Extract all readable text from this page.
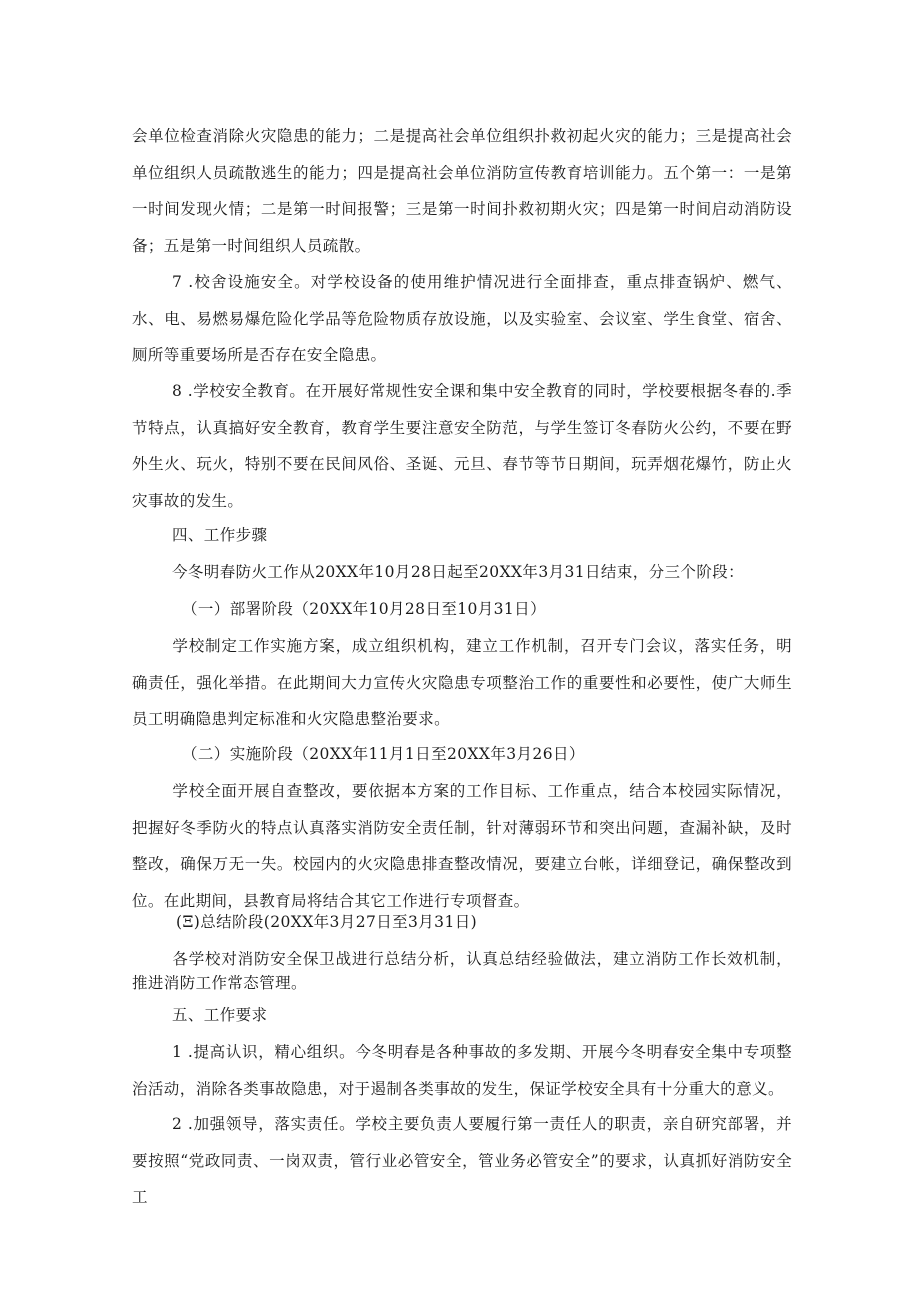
会单位检查消除火灾隐患的能力；二是提高社会单位组织扑救初起火灾的能力；三是提高社会单位组织人员疏散逃生的能力；四是提高社会单位消防宣传教育培训能力。五个第一：一是第一时间发现火情；二是第一时间报警；三是第一时间扑救初期火灾；四是第一时间启动消防设备；五是第一时间组织人员疏散。

7 .校舍设施安全。对学校设备的使用维护情况进行全面排查，重点排查锅炉、燃气、水、电、易燃易爆危险化学品等危险物质存放设施，以及实验室、会议室、学生食堂、宿舍、厕所等重要场所是否存在安全隐患。

8 .学校安全教育。在开展好常规性安全课和集中安全教育的同时，学校要根据冬春的.季节特点，认真搞好安全教育，教育学生要注意安全防范，与学生签订冬春防火公约，不要在野外生火、玩火，特别不要在民间风俗、圣诞、元旦、春节等节日期间，玩弄烟花爆竹，防止火灾事故的发生。

四、工作步骤

今冬明春防火工作从20XX年10月28日起至20XX年3月31日结束，分三个阶段：

（一）部署阶段（20XX年10月28日至10月31日）

学校制定工作实施方案，成立组织机构，建立工作机制，召开专门会议，落实任务，明确责任，强化举措。在此期间大力宣传火灾隐患专项整治工作的重要性和必要性，使广大师生员工明确隐患判定标准和火灾隐患整治要求。

（二）实施阶段（20XX年11月1日至20XX年3月26日）

学校全面开展自查整改，要依据本方案的工作目标、工作重点，结合本校园实际情况，把握好冬季防火的特点认真落实消防安全责任制，针对薄弱环节和突出问题，查漏补缺，及时整改，确保万无一失。校园内的火灾隐患排查整改情况，要建立台帐，详细登记，确保整改到位。在此期间，县教育局将结合其它工作进行专项督查。

(Ξ)总结阶段(20XX年3月27日至3月31日)

各学校对消防安全保卫战进行总结分析，认真总结经验做法，建立消防工作长效机制，推进消防工作常态管理。

五、工作要求

1 .提高认识，精心组织。今冬明春是各种事故的多发期、开展今冬明春安全集中专项整治活动，消除各类事故隐患，对于遏制各类事故的发生，保证学校安全具有十分重大的意义。

2 .加强领导，落实责任。学校主要负责人要履行第一责任人的职责，亲自研究部署，并要按照“党政同责、一岗双责，管行业必管安全，管业务必管安全”的要求，认真抓好消防安全工
